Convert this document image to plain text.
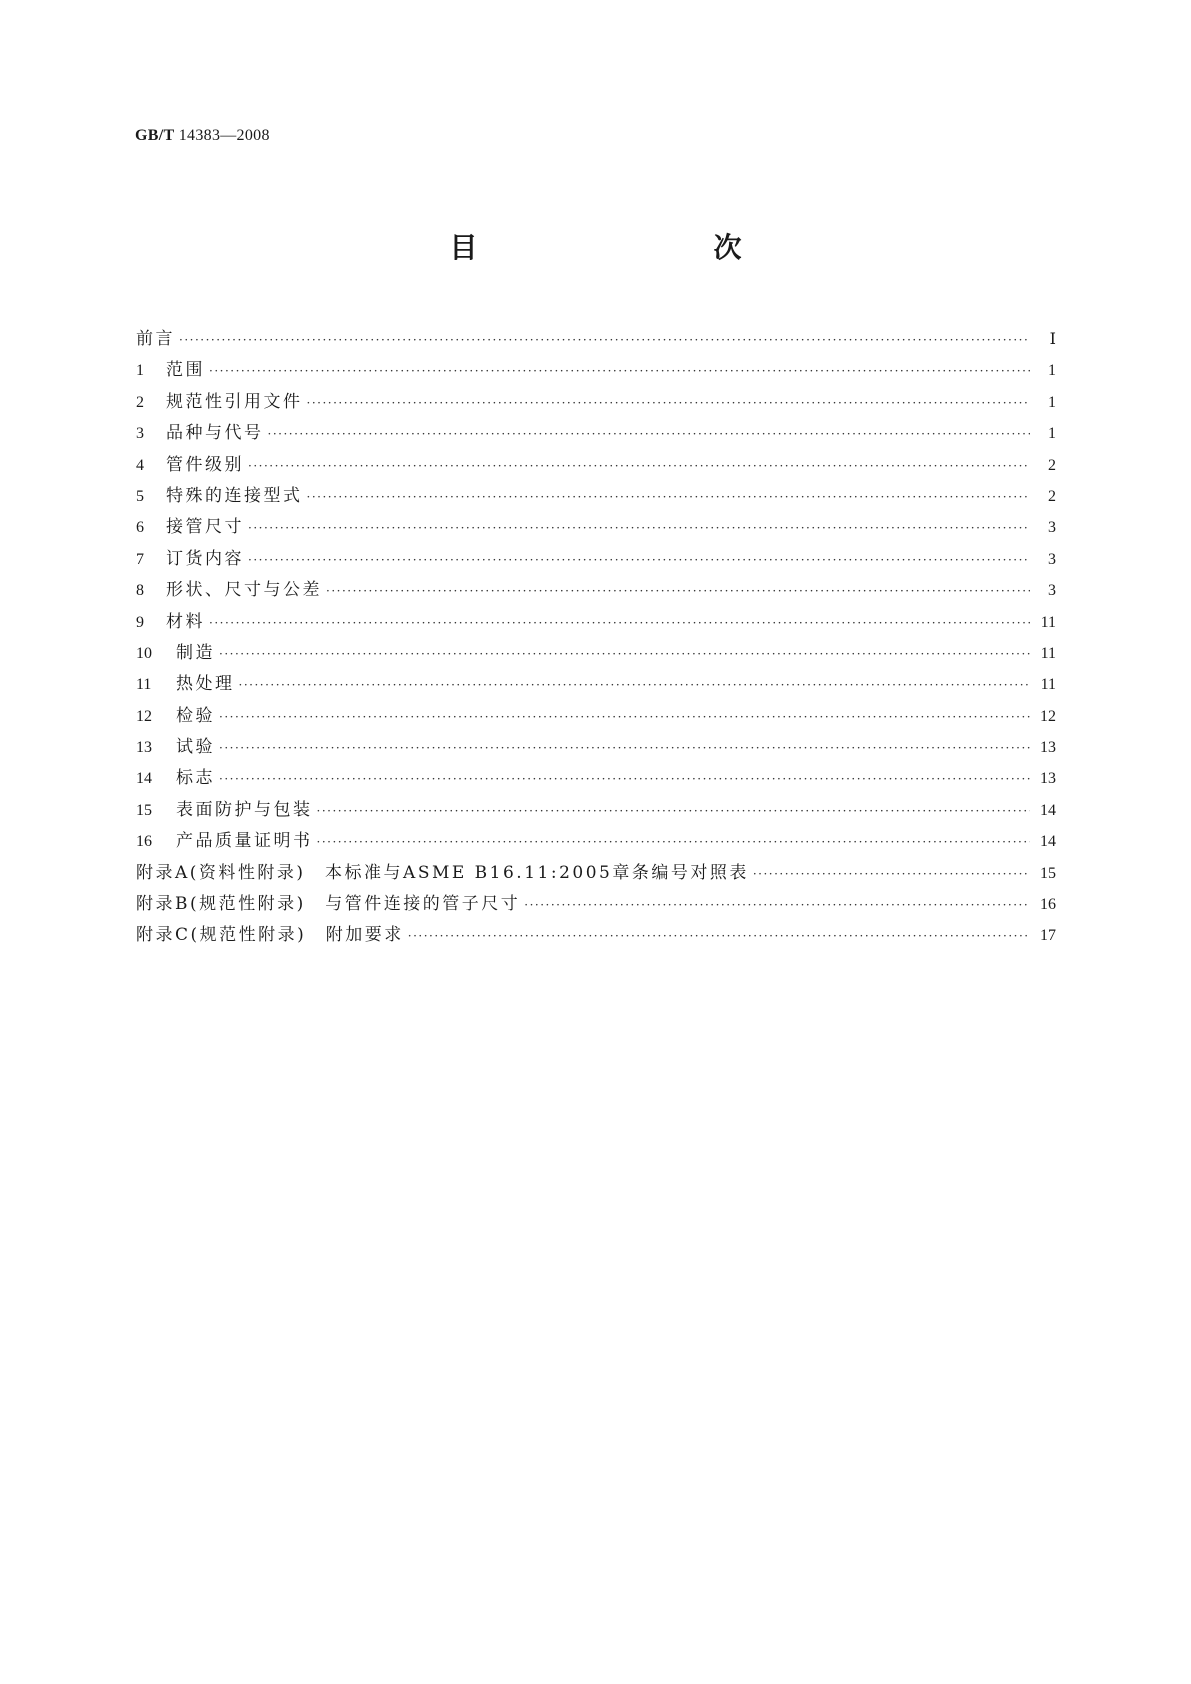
GB/T 14383—2008
目　　次
前言 ·····	Ⅰ
1	范围 ·····	1
2	规范性引用文件 ·····	1
3	品种与代号 ·····	1
4	管件级别 ·····	2
5	特殊的连接型式 ·····	2
6	接管尺寸 ·····	3
7	订货内容 ·····	3
8	形状、尺寸与公差 ·····	3
9	材料 ·····	11
10	制造 ·····	11
11	热处理 ·····	11
12	检验 ·····	12
13	试验 ·····	13
14	标志 ·····	13
15	表面防护与包装 ·····	14
16	产品质量证明书 ·····	14
附录A(资料性附录)　本标准与ASME B16.11:2005章条编号对照表 ·····	15
附录B(规范性附录)　与管件连接的管子尺寸 ·····	16
附录C(规范性附录)　附加要求 ·····	17
